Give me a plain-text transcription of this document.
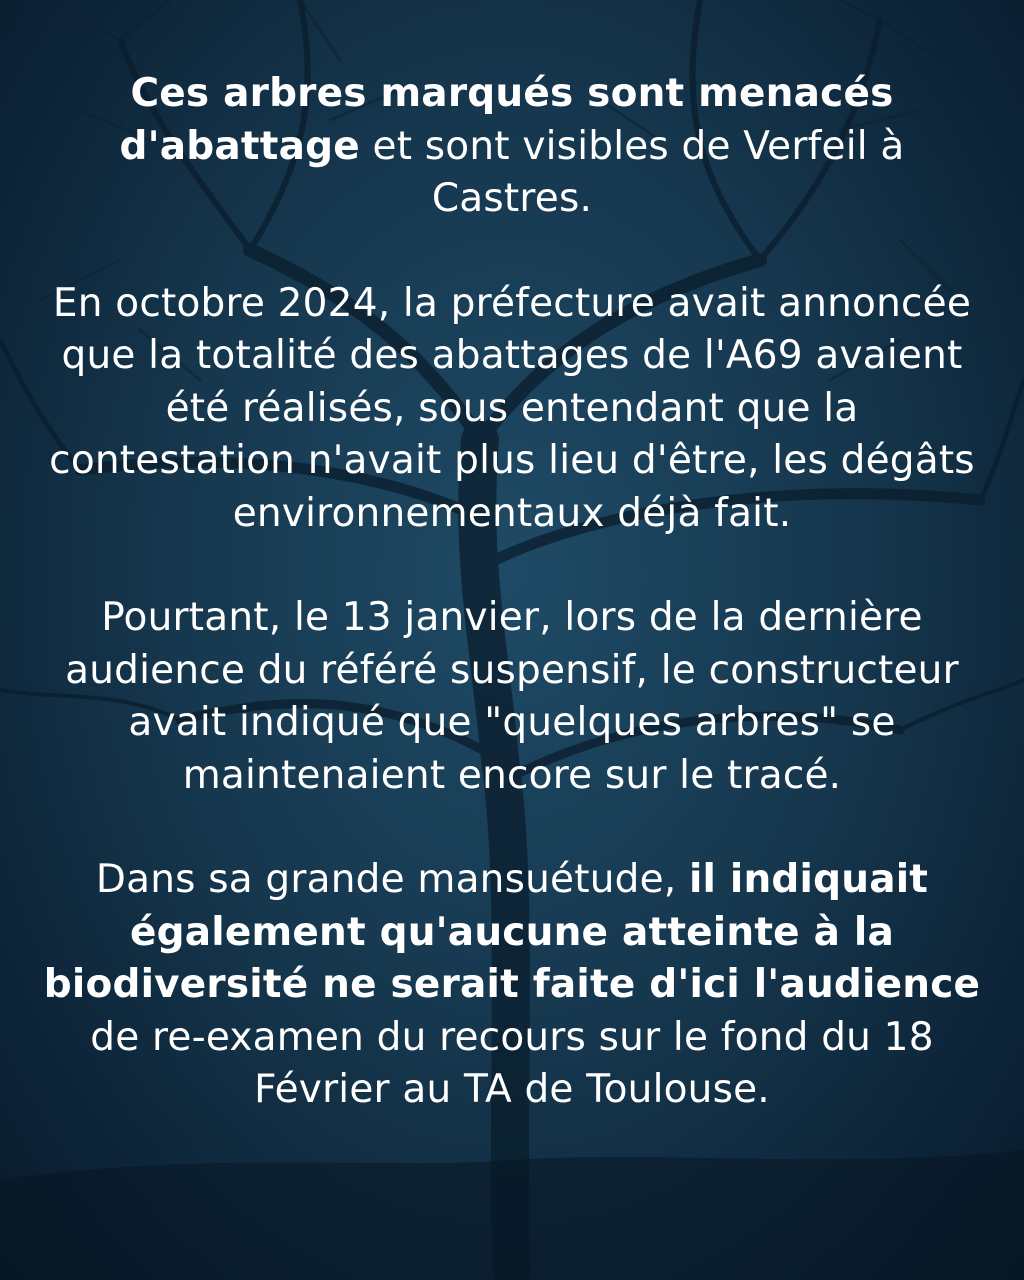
Ces arbres marqués sont menacés d'abattage et sont visibles de Verfeil à Castres.

En octobre 2024, la préfecture avait annoncée que la totalité des abattages de l'A69 avaient été réalisés, sous entendant que la contestation n'avait plus lieu d'être, les dégâts environnementaux déjà fait.

Pourtant, le 13 janvier, lors de la dernière audience du référé suspensif, le constructeur avait indiqué que "quelques arbres" se maintenaient encore sur le tracé.

Dans sa grande mansuétude, il indiquait également qu'aucune atteinte à la biodiversité ne serait faite d'ici l'audience de re-examen du recours sur le fond du 18 Février au TA de Toulouse.
